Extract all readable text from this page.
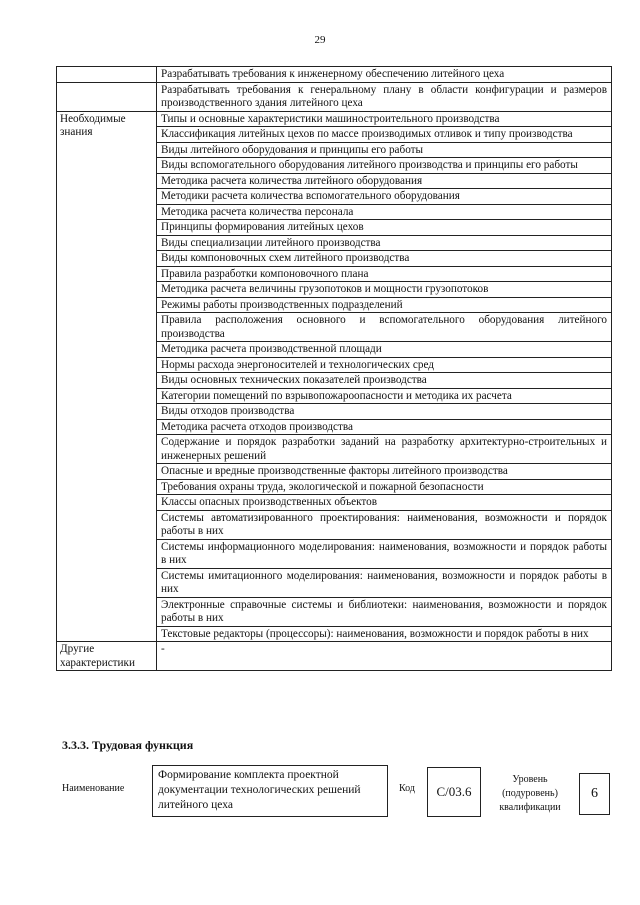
29
	Разрабатывать требования к инженерному обеспечению литейного цеха
	Разрабатывать требования к генеральному плану в области конфигурации и размеров производственного здания литейного цеха
Необходимые знания	Типы и основные характеристики машиностроительного производства
	Классификация литейных цехов по массе производимых отливок и типу производства
	Виды литейного оборудования и принципы его работы
	Виды вспомогательного оборудования литейного производства и принципы его работы
	Методика расчета количества литейного оборудования
	Методики расчета количества вспомогательного оборудования
	Методика расчета количества персонала
	Принципы формирования литейных цехов
	Виды специализации литейного производства
	Виды компоновочных схем литейного производства
	Правила разработки компоновочного плана
	Методика расчета величины грузопотоков и мощности грузопотоков
	Режимы работы производственных подразделений
	Правила расположения основного и вспомогательного оборудования литейного производства
	Методика расчета производственной площади
	Нормы расхода энергоносителей и технологических сред
	Виды основных технических показателей производства
	Категории помещений по взрывопожароопасности и методика их расчета
	Виды отходов производства
	Методика расчета отходов производства
	Содержание и порядок разработки заданий на разработку архитектурно-строительных и инженерных решений
	Опасные и вредные производственные факторы литейного производства
	Требования охраны труда, экологической и пожарной безопасности
	Классы опасных производственных объектов
	Системы автоматизированного проектирования: наименования, возможности и порядок работы в них
	Системы информационного моделирования: наименования, возможности и порядок работы в них
	Системы имитационного моделирования: наименования, возможности и порядок работы в них
	Электронные справочные системы и библиотеки: наименования, возможности и порядок работы в них
	Текстовые редакторы (процессоры): наименования, возможности и порядок работы в них
Другие характеристики	-
3.3.3. Трудовая функция
Наименование
Формирование комплекта проектной документации технологических решений литейного цеха
Код	С/03.6
Уровень (подуровень) квалификации
6
